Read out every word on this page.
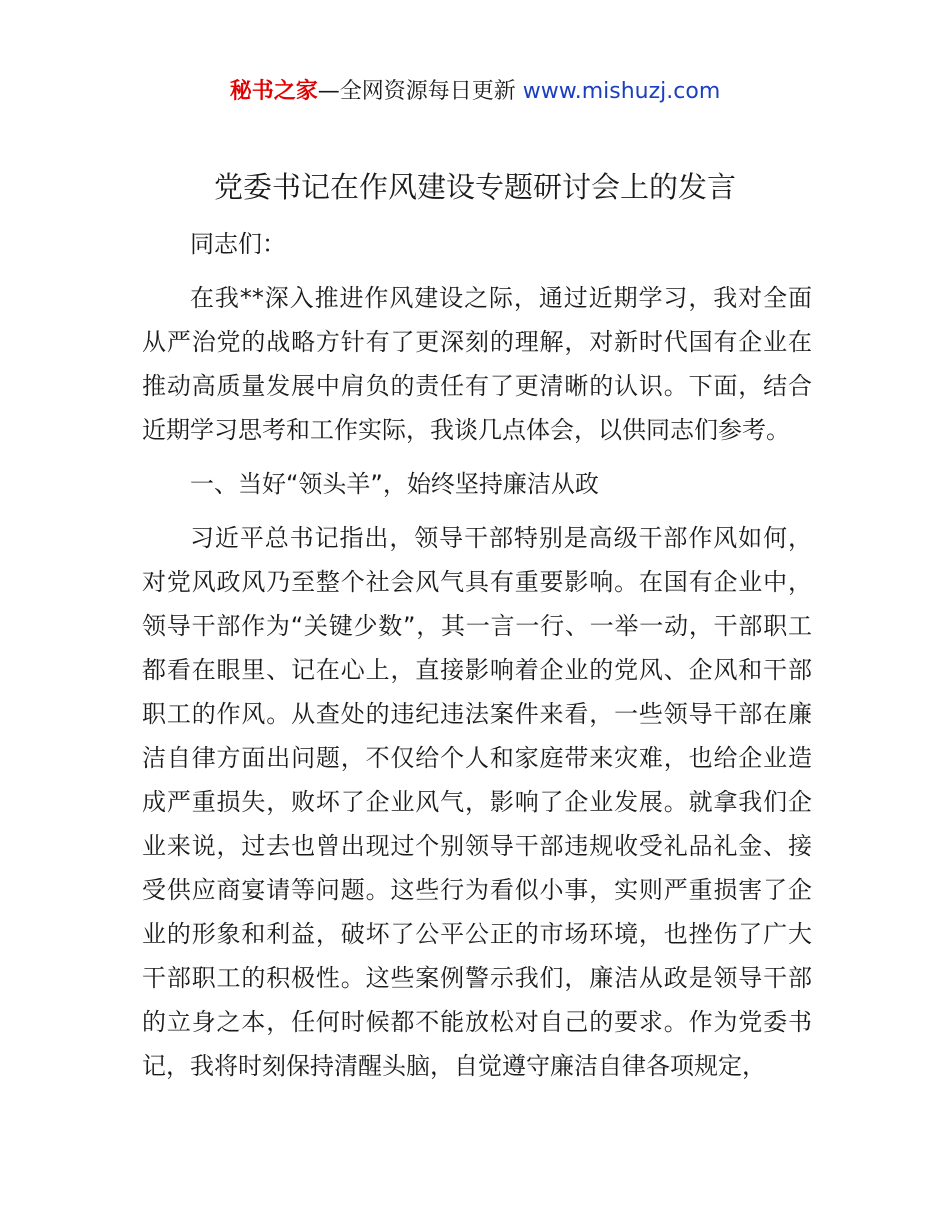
秘书之家—全网资源每日更新 www.mishuzj.com
党委书记在作风建设专题研讨会上的发言

同志们：

在我**深入推进作风建设之际，通过近期学习，我对全面从严治党的战略方针有了更深刻的理解，对新时代国有企业在推动高质量发展中肩负的责任有了更清晰的认识。下面，结合近期学习思考和工作实际，我谈几点体会，以供同志们参考。

一、当好“领头羊”，始终坚持廉洁从政

习近平总书记指出，领导干部特别是高级干部作风如何，对党风政风乃至整个社会风气具有重要影响。在国有企业中，领导干部作为“关键少数”，其一言一行、一举一动，干部职工都看在眼里、记在心上，直接影响着企业的党风、企风和干部职工的作风。从查处的违纪违法案件来看，一些领导干部在廉洁自律方面出问题，不仅给个人和家庭带来灾难，也给企业造成严重损失，败坏了企业风气，影响了企业发展。就拿我们企业来说，过去也曾出现过个别领导干部违规收受礼品礼金、接受供应商宴请等问题。这些行为看似小事，实则严重损害了企业的形象和利益，破坏了公平公正的市场环境，也挫伤了广大干部职工的积极性。这些案例警示我们，廉洁从政是领导干部的立身之本，任何时候都不能放松对自己的要求。作为党委书记，我将时刻保持清醒头脑，自觉遵守廉洁自律各项规定，
